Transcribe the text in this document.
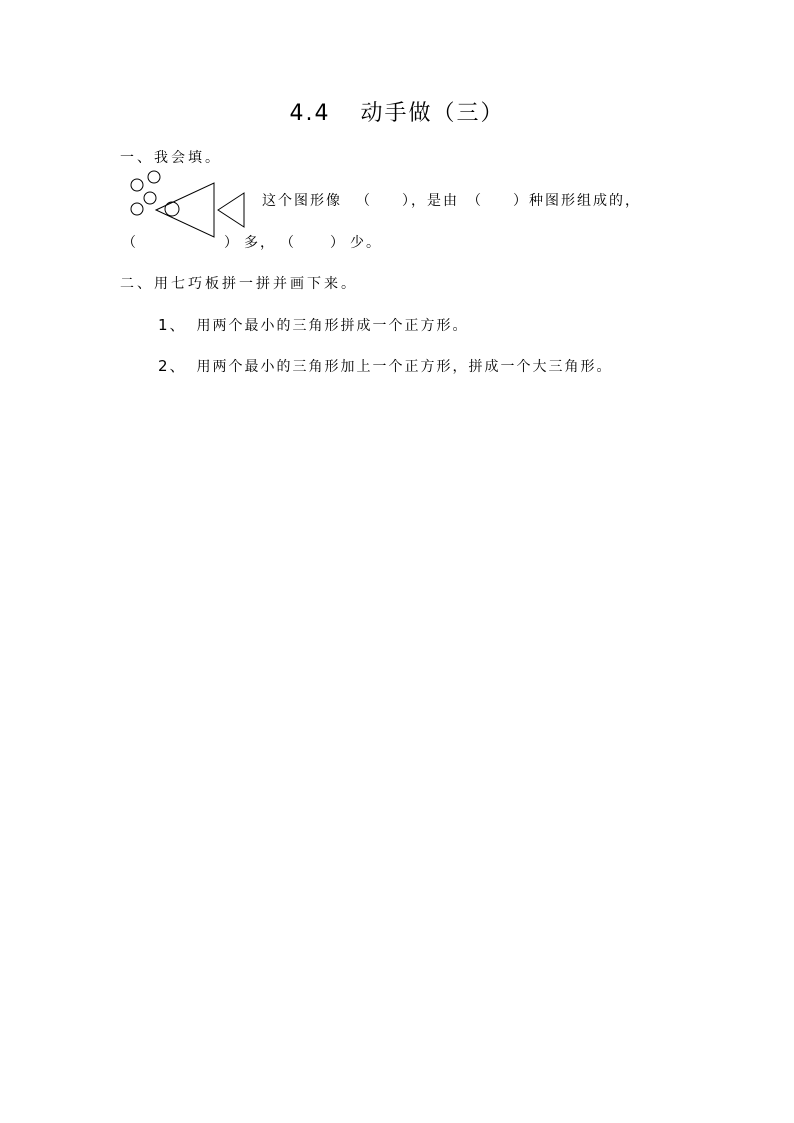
4.4 动手做（三）
一、我会填。
这个图形像 （ ），是由 （ ）种图形组成的，
（	） 多， （ ） 少。
二、用七巧板拼一拼并画下来。
1、 用两个最小的三角形拼成一个正方形。
2、 用两个最小的三角形加上一个正方形，拼成一个大三角形。
